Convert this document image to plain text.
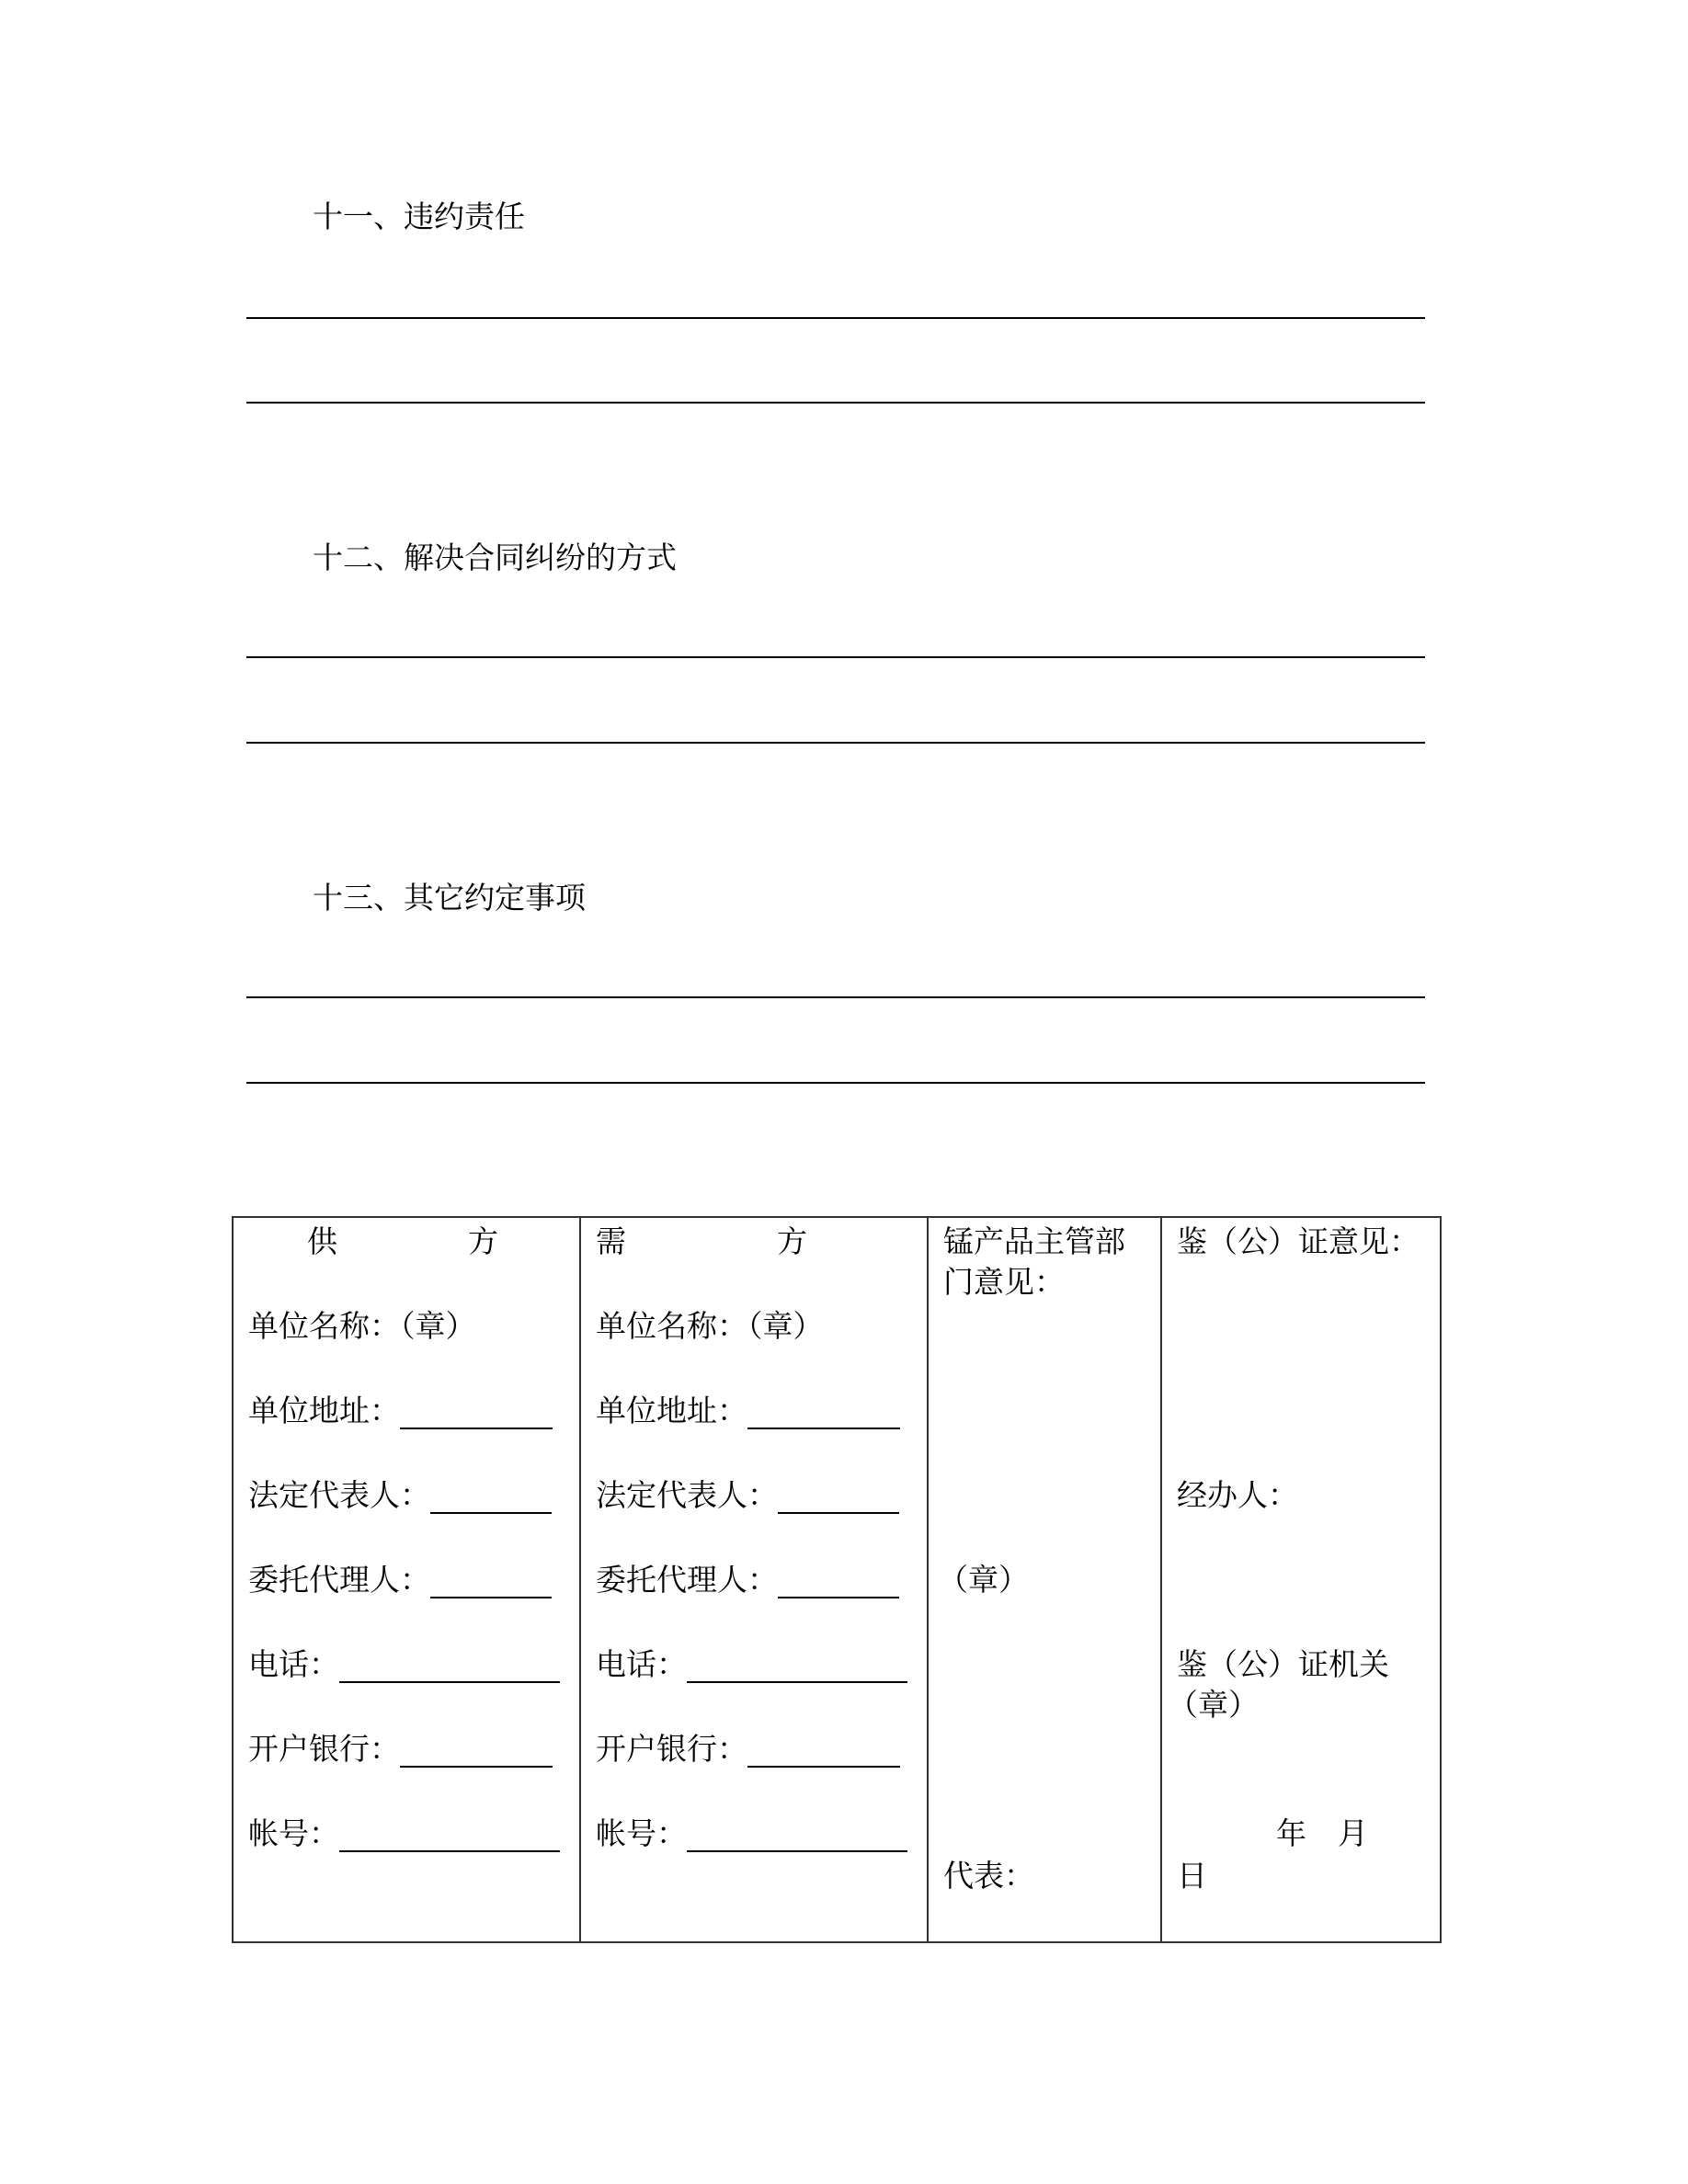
十一、违约责任
十二、解决合同纠纷的方式
十三、其它约定事项
供	方
单位名称：（章）
单位地址：
法定代表人：
委托代理人：
电话：
开户银行：
帐号：

需	方
单位名称：（章）
单位地址：
法定代表人：
委托代理人：
电话：
开户银行：
帐号：

锰产品主管部
门意见：
（章）
代表：

鉴（公）证意见：
经办人：
鉴（公）证机关
（章）
年 月
日
